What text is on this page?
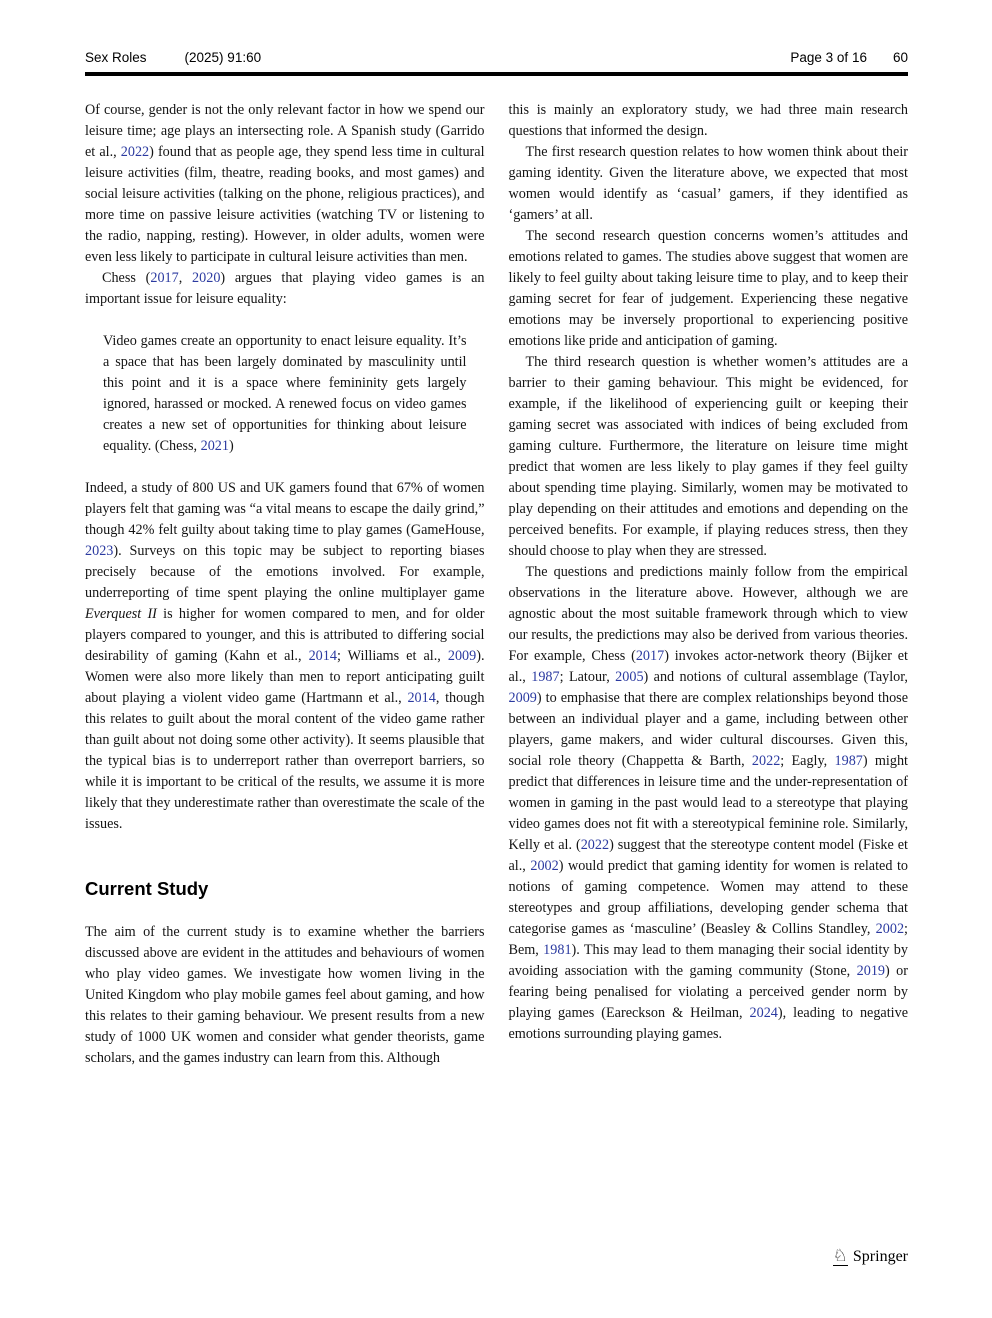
Sex Roles	(2025) 91:60	Page 3 of 16 60

Of course, gender is not the only relevant factor in how we spend our leisure time; age plays an intersecting role. A Spanish study (Garrido et al., 2022) found that as people age, they spend less time in cultural leisure activities (film, theatre, reading books, and most games) and social leisure activities (talking on the phone, religious practices), and more time on passive leisure activities (watching TV or listening to the radio, napping, resting). However, in older adults, women were even less likely to participate in cultural leisure activities than men.

Chess (2017, 2020) argues that playing video games is an important issue for leisure equality:

Video games create an opportunity to enact leisure equality. It’s a space that has been largely dominated by masculinity until this point and it is a space where femininity gets largely ignored, harassed or mocked. A renewed focus on video games creates a new set of opportunities for thinking about leisure equality. (Chess, 2021)

Indeed, a study of 800 US and UK gamers found that 67% of women players felt that gaming was “a vital means to escape the daily grind,” though 42% felt guilty about taking time to play games (GameHouse, 2023). Surveys on this topic may be subject to reporting biases precisely because of the emotions involved. For example, underreporting of time spent playing the online multiplayer game Everquest II is higher for women compared to men, and for older players compared to younger, and this is attributed to differing social desirability of gaming (Kahn et al., 2014; Williams et al., 2009). Women were also more likely than men to report anticipating guilt about playing a violent video game (Hartmann et al., 2014, though this relates to guilt about the moral content of the video game rather than guilt about not doing some other activity). It seems plausible that the typical bias is to underreport rather than overreport barriers, so while it is important to be critical of the results, we assume it is more likely that they underestimate rather than overestimate the scale of the issues.

Current Study

The aim of the current study is to examine whether the barriers discussed above are evident in the attitudes and behaviours of women who play video games. We investigate how women living in the United Kingdom who play mobile games feel about gaming, and how this relates to their gaming behaviour. We present results from a new study of 1000 UK women and consider what gender theorists, game scholars, and the games industry can learn from this. Although

this is mainly an exploratory study, we had three main research questions that informed the design.

The first research question relates to how women think about their gaming identity. Given the literature above, we expected that most women would identify as ‘casual’ gamers, if they identified as ‘gamers’ at all.

The second research question concerns women’s attitudes and emotions related to games. The studies above suggest that women are likely to feel guilty about taking leisure time to play, and to keep their gaming secret for fear of judgement. Experiencing these negative emotions may be inversely proportional to experiencing positive emotions like pride and anticipation of gaming.

The third research question is whether women’s attitudes are a barrier to their gaming behaviour. This might be evidenced, for example, if the likelihood of experiencing guilt or keeping their gaming secret was associated with indices of being excluded from gaming culture. Furthermore, the literature on leisure time might predict that women are less likely to play games if they feel guilty about spending time playing. Similarly, women may be motivated to play depending on their attitudes and emotions and depending on the perceived benefits. For example, if playing reduces stress, then they should choose to play when they are stressed.

The questions and predictions mainly follow from the empirical observations in the literature above. However, although we are agnostic about the most suitable framework through which to view our results, the predictions may also be derived from various theories. For example, Chess (2017) invokes actor-network theory (Bijker et al., 1987; Latour, 2005) and notions of cultural assemblage (Taylor, 2009) to emphasise that there are complex relationships beyond those between an individual player and a game, including between other players, game makers, and wider cultural discourses. Given this, social role theory (Chappetta & Barth, 2022; Eagly, 1987) might predict that differences in leisure time and the under-representation of women in gaming in the past would lead to a stereotype that playing video games does not fit with a stereotypical feminine role. Similarly, Kelly et al. (2022) suggest that the stereotype content model (Fiske et al., 2002) would predict that gaming identity for women is related to notions of gaming competence. Women may attend to these stereotypes and group affiliations, developing gender schema that categorise games as ‘masculine’ (Beasley & Collins Standley, 2002; Bem, 1981). This may lead to them managing their social identity by avoiding association with the gaming community (Stone, 2019) or fearing being penalised for violating a perceived gender norm by playing games (Eareckson & Heilman, 2024), leading to negative emotions surrounding playing games.

♘ Springer
